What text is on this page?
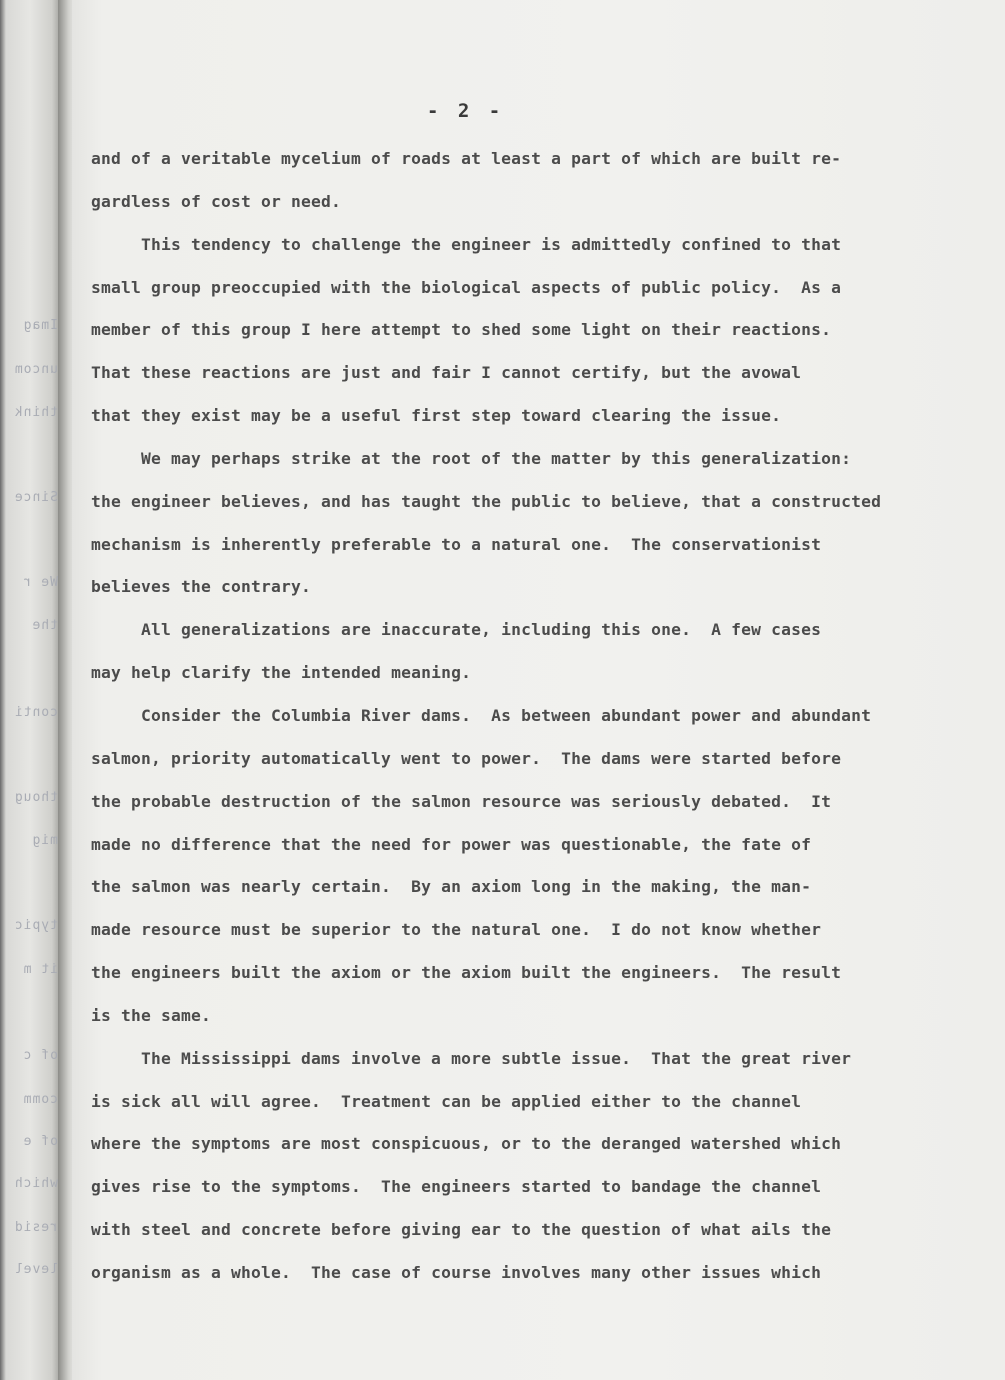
Imag
uncom
think
Since
We r
the
conti
thoug
mig
typic
it m
of c
comm
of e
which
resid
level
- 2 -
and of a veritable mycelium of roads at least a part of which are built re-
gardless of cost or need.
This tendency to challenge the engineer is admittedly confined to that
small group preoccupied with the biological aspects of public policy.  As a
member of this group I here attempt to shed some light on their reactions.
That these reactions are just and fair I cannot certify, but the avowal
that they exist may be a useful first step toward clearing the issue.
We may perhaps strike at the root of the matter by this generalization:
the engineer believes, and has taught the public to believe, that a constructed
mechanism is inherently preferable to a natural one.  The conservationist
believes the contrary.
All generalizations are inaccurate, including this one.  A few cases
may help clarify the intended meaning.
Consider the Columbia River dams.  As between abundant power and abundant
salmon, priority automatically went to power.  The dams were started before
the probable destruction of the salmon resource was seriously debated.  It
made no difference that the need for power was questionable, the fate of
the salmon was nearly certain.  By an axiom long in the making, the man-
made resource must be superior to the natural one.  I do not know whether
the engineers built the axiom or the axiom built the engineers.  The result
is the same.
The Mississippi dams involve a more subtle issue.  That the great river
is sick all will agree.  Treatment can be applied either to the channel
where the symptoms are most conspicuous, or to the deranged watershed which
gives rise to the symptoms.  The engineers started to bandage the channel
with steel and concrete before giving ear to the question of what ails the
organism as a whole.  The case of course involves many other issues which
